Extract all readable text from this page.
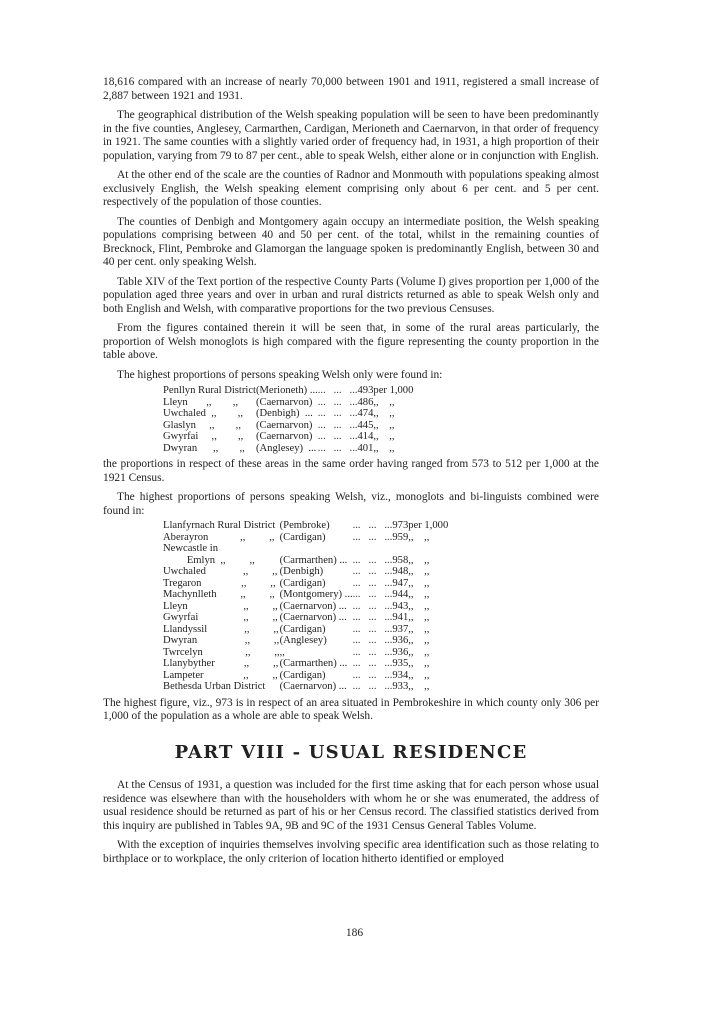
18,616 compared with an increase of nearly 70,000 between 1901 and 1911, registered a small increase of 2,887 between 1921 and 1931.

The geographical distribution of the Welsh speaking population will be seen to have been predominantly in the five counties, Anglesey, Carmarthen, Cardigan, Merioneth and Caernarvon, in that order of frequency in 1921. The same counties with a slightly varied order of frequency had, in 1931, a high proportion of their population, varying from 79 to 87 per cent., able to speak Welsh, either alone or in conjunction with English.

At the other end of the scale are the counties of Radnor and Monmouth with populations speaking almost exclusively English, the Welsh speaking element comprising only about 6 per cent. and 5 per cent. respectively of the population of those counties.

The counties of Denbigh and Montgomery again occupy an intermediate position, the Welsh speaking populations comprising between 40 and 50 per cent. of the total, whilst in the remaining counties of Brecknock, Flint, Pembroke and Glamorgan the language spoken is predominantly English, between 30 and 40 per cent. only speaking Welsh.

Table XIV of the Text portion of the respective County Parts (Volume I) gives proportion per 1,000 of the population aged three years and over in urban and rural districts returned as able to speak Welsh only and both English and Welsh, with comparative proportions for the two previous Censuses.

From the figures contained therein it will be seen that, in some of the rural areas particularly, the proportion of Welsh monoglots is high compared with the figure representing the county proportion in the table above.

The highest proportions of persons speaking Welsh only were found in:

Penllyn Rural District	(Merioneth) ...	...   ...   ...	493	per 1,000
Lleyn       ,,        ,,	(Caernarvon)	...   ...   ...	486	,,    ,,
Uwchaled  ,,        ,,	(Denbigh)  ...	...   ...   ...	474	,,    ,,
Glaslyn     ,,        ,,	(Caernarvon)	...   ...   ...	445	,,    ,,
Gwyrfai     ,,        ,,	(Caernarvon)	...   ...   ...	414	,,    ,,
Dwyran      ,,        ,,	(Anglesey)  ...	...   ...   ...	401	,,    ,,

the proportions in respect of these areas in the same order having ranged from 573 to 512 per 1,000 at the 1921 Census.

The highest proportions of persons speaking Welsh, viz., monoglots and bi-linguists combined were found in:

Llanfyrnach Rural District	(Pembroke)	...   ...   ...	973	per 1,000
Aberayron            ,,         ,,	(Cardigan)	...   ...   ...	959	,,    ,,
Newcastle in				
Emlyn  ,,         ,,	(Carmarthen) ...	...   ...   ...	958	,,    ,,
Uwchaled              ,,         ,,	(Denbigh)	...   ...   ...	948	,,    ,,
Tregaron               ,,         ,,	(Cardigan)	...   ...   ...	947	,,    ,,
Machynlleth         ,,         ,,	(Montgomery) ...	...   ...   ...	944	,,    ,,
Lleyn                     ,,         ,,	(Caernarvon) ...	...   ...   ...	943	,,    ,,
Gwyrfai                 ,,         ,,	(Caernarvon) ...	...   ...   ...	941	,,    ,,
Llandyssil              ,,         ,,	(Cardigan)	...   ...   ...	937	,,    ,,
Dwyran                  ,,         ,,	(Anglesey)	...   ...   ...	936	,,    ,,
Twrcelyn                ,,         ,,	,,	...   ...   ...	936	,,    ,,
Llanybyther           ,,         ,,	(Carmarthen) ...	...   ...   ...	935	,,    ,,
Lampeter               ,,         ,,	(Cardigan)	...   ...   ...	934	,,    ,,
Bethesda Urban District	(Caernarvon) ...	...   ...   ...	933	,,    ,,

The highest figure, viz., 973 is in respect of an area situated in Pembrokeshire in which county only 306 per 1,000 of the population as a whole are able to speak Welsh.

PART VIII - USUAL RESIDENCE

At the Census of 1931, a question was included for the first time asking that for each person whose usual residence was elsewhere than with the householders with whom he or she was enumerated, the address of usual residence should be returned as part of his or her Census record. The classified statistics derived from this inquiry are published in Tables 9A, 9B and 9C of the 1931 Census General Tables Volume.

With the exception of inquiries themselves involving specific area identification such as those relating to birthplace or to workplace, the only criterion of location hitherto identified or employed

186
